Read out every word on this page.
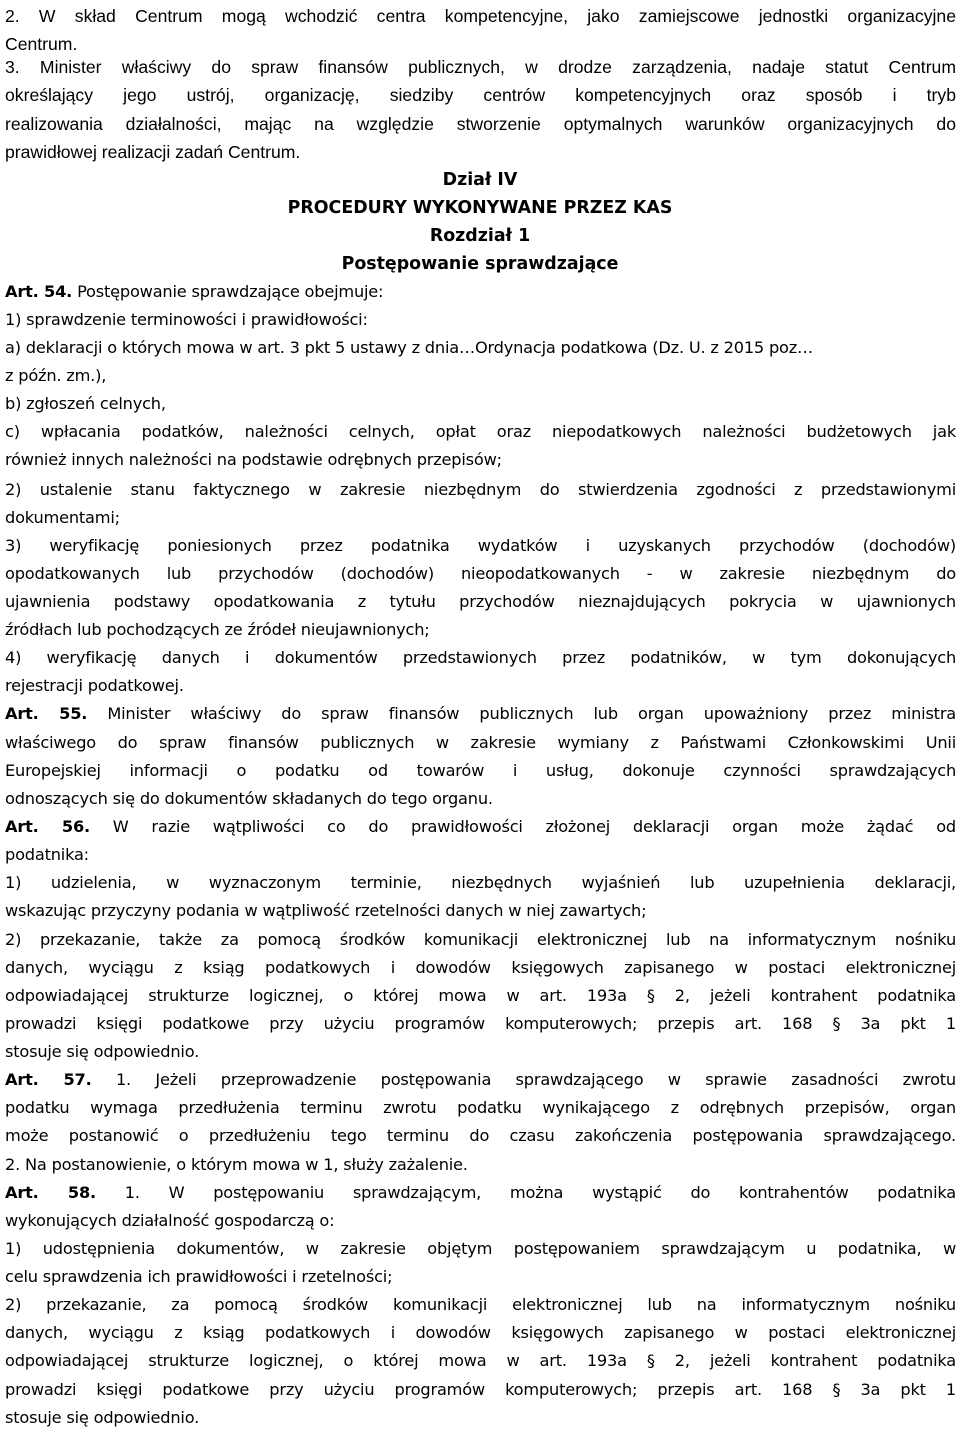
2. W skład Centrum mogą wchodzić centra kompetencyjne, jako zamiejscowe jednostki organizacyjne
Centrum.
3. Minister właściwy do spraw finansów publicznych, w drodze zarządzenia, nadaje statut Centrum
określający jego ustrój, organizację, siedziby centrów kompetencyjnych oraz sposób i tryb
realizowania działalności, mając na względzie stworzenie optymalnych warunków organizacyjnych do
prawidłowej realizacji zadań Centrum.
Dział IV
PROCEDURY WYKONYWANE PRZEZ KAS
Rozdział 1
Postępowanie sprawdzające
Art. 54. Postępowanie sprawdzające obejmuje:
1) sprawdzenie terminowości i prawidłowości:
a) deklaracji o których mowa w art. 3 pkt 5 ustawy z dnia…Ordynacja podatkowa (Dz. U. z 2015 poz…
z późn. zm.),
b) zgłoszeń celnych,
c) wpłacania podatków, należności celnych, opłat oraz niepodatkowych należności budżetowych jak
również innych należności na podstawie odrębnych przepisów;
2) ustalenie stanu faktycznego w zakresie niezbędnym do stwierdzenia zgodności z przedstawionymi
dokumentami;
3) weryfikację poniesionych przez podatnika wydatków i uzyskanych przychodów (dochodów)
opodatkowanych lub przychodów (dochodów) nieopodatkowanych - w zakresie niezbędnym do
ujawnienia podstawy opodatkowania z tytułu przychodów nieznajdujących pokrycia w ujawnionych
źródłach lub pochodzących ze źródeł nieujawnionych;
4) weryfikację danych i dokumentów przedstawionych przez podatników, w tym dokonujących
rejestracji podatkowej.
Art. 55. Minister właściwy do spraw finansów publicznych lub organ upoważniony przez ministra
właściwego do spraw finansów publicznych w zakresie wymiany z Państwami Członkowskimi Unii
Europejskiej informacji o podatku od towarów i usług, dokonuje czynności sprawdzających
odnoszących się do dokumentów składanych do tego organu.
Art. 56. W razie wątpliwości co do prawidłowości złożonej deklaracji organ może żądać od
podatnika:
1) udzielenia, w wyznaczonym terminie, niezbędnych wyjaśnień lub uzupełnienia deklaracji,
wskazując przyczyny podania w wątpliwość rzetelności danych w niej zawartych;
2) przekazanie, także za pomocą środków komunikacji elektronicznej lub na informatycznym nośniku
danych, wyciągu z ksiąg podatkowych i dowodów księgowych zapisanego w postaci elektronicznej
odpowiadającej strukturze logicznej, o której mowa w art. 193a § 2, jeżeli kontrahent podatnika
prowadzi księgi podatkowe przy użyciu programów komputerowych; przepis art. 168 § 3a pkt 1
stosuje się odpowiednio.
Art. 57. 1. Jeżeli przeprowadzenie postępowania sprawdzającego w sprawie zasadności zwrotu
podatku wymaga przedłużenia terminu zwrotu podatku wynikającego z odrębnych przepisów, organ
może postanowić o przedłużeniu tego terminu do czasu zakończenia postępowania sprawdzającego.
2. Na postanowienie, o którym mowa w 1, służy zażalenie.
Art. 58. 1. W postępowaniu sprawdzającym, można wystąpić do kontrahentów podatnika
wykonujących działalność gospodarczą o:
1) udostępnienia dokumentów, w zakresie objętym postępowaniem sprawdzającym u podatnika, w
celu sprawdzenia ich prawidłowości i rzetelności;
2) przekazanie, za pomocą środków komunikacji elektronicznej lub na informatycznym nośniku
danych, wyciągu z ksiąg podatkowych i dowodów księgowych zapisanego w postaci elektronicznej
odpowiadającej strukturze logicznej, o której mowa w art. 193a § 2, jeżeli kontrahent podatnika
prowadzi księgi podatkowe przy użyciu programów komputerowych; przepis art. 168 § 3a pkt 1
stosuje się odpowiednio.
